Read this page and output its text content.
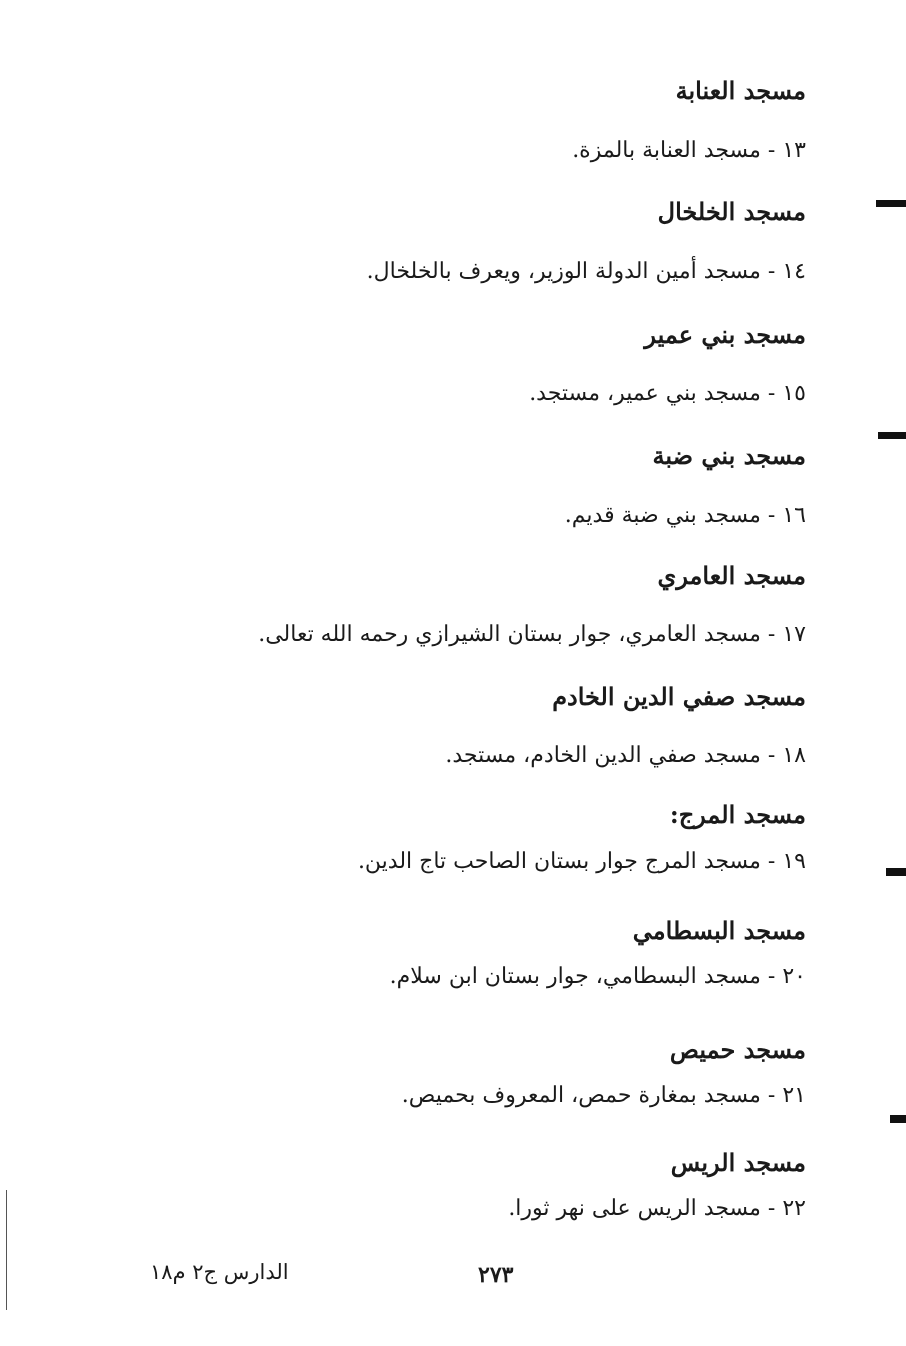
مسجد العنابة
١٣ - مسجد العنابة بالمزة.
مسجد الخلخال
١٤ - مسجد أمين الدولة الوزير، ويعرف بالخلخال.
مسجد بني عمير
١٥ - مسجد بني عمير، مستجد.
مسجد بني ضبة
١٦ - مسجد بني ضبة قديم.
مسجد العامري
١٧ - مسجد العامري، جوار بستان الشيرازي رحمه الله تعالى.
مسجد صفي الدين الخادم
١٨ - مسجد صفي الدين الخادم، مستجد.
مسجد المرج:
١٩ - مسجد المرج جوار بستان الصاحب تاج الدين.
مسجد البسطامي
٢٠ - مسجد البسطامي، جوار بستان ابن سلام.
مسجد حميص
٢١ - مسجد بمغارة حمص، المعروف بحميص.
مسجد الريس
٢٢ - مسجد الريس على نهر ثورا.
٢٧٣
الدارس ج٢ م١٨
